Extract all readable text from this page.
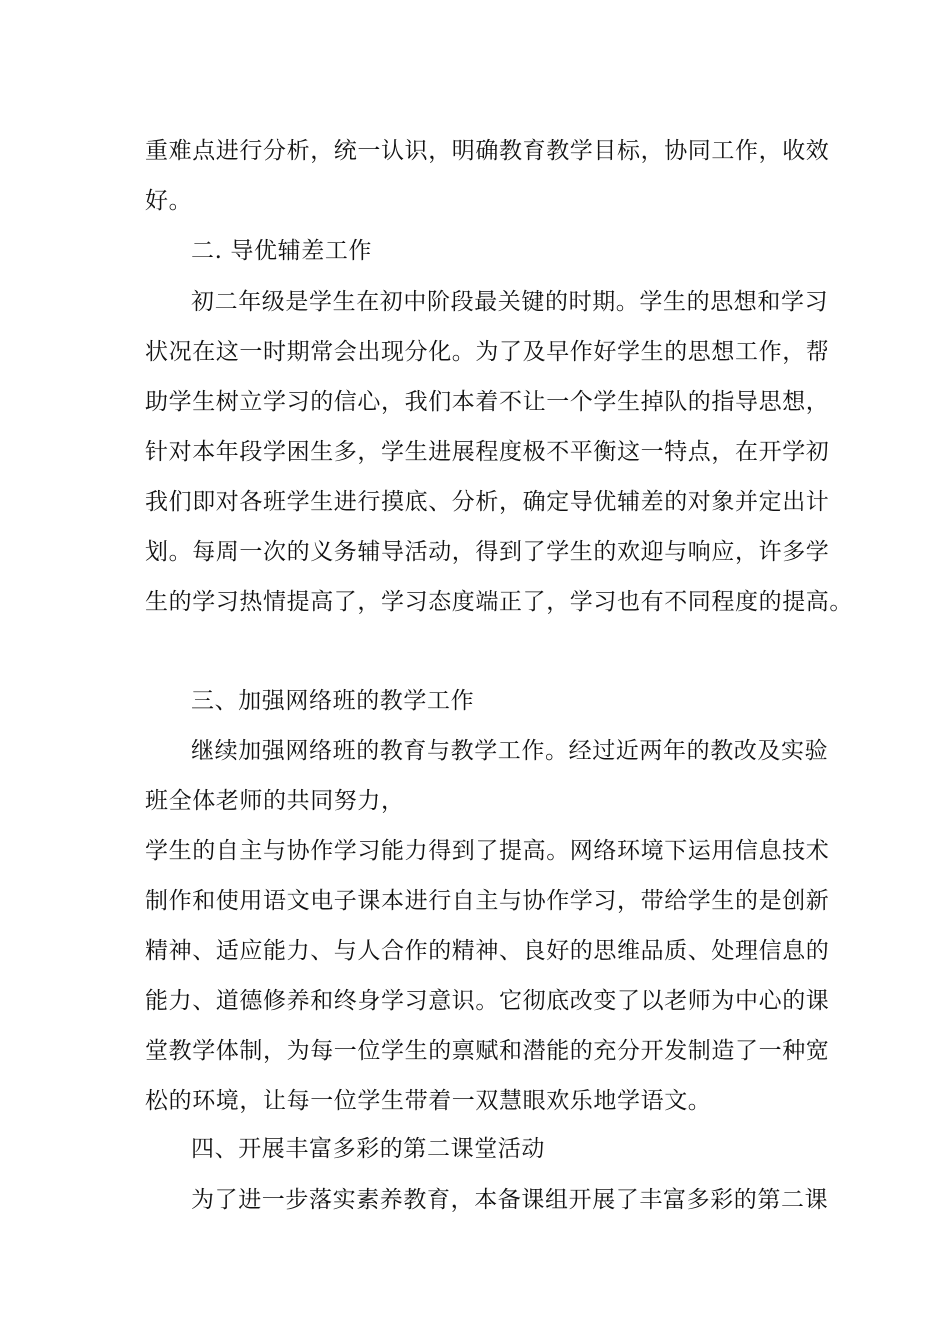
重难点进行分析，统一认识，明确教育教学目标，协同工作，收效
好。
二. 导优辅差工作
初二年级是学生在初中阶段最关键的时期。学生的思想和学习
状况在这一时期常会出现分化。为了及早作好学生的思想工作，帮
助学生树立学习的信心，我们本着不让一个学生掉队的指导思想，
针对本年段学困生多，学生进展程度极不平衡这一特点，在开学初
我们即对各班学生进行摸底、分析，确定导优辅差的对象并定出计
划。每周一次的义务辅导活动，得到了学生的欢迎与响应，许多学
生的学习热情提高了，学习态度端正了，学习也有不同程度的提高。
三、加强网络班的教学工作
继续加强网络班的教育与教学工作。经过近两年的教改及实验
班全体老师的共同努力，
学生的自主与协作学习能力得到了提高。网络环境下运用信息技术
制作和使用语文电子课本进行自主与协作学习，带给学生的是创新
精神、适应能力、与人合作的精神、良好的思维品质、处理信息的
能力、道德修养和终身学习意识。它彻底改变了以老师为中心的课
堂教学体制，为每一位学生的禀赋和潜能的充分开发制造了一种宽
松的环境，让每一位学生带着一双慧眼欢乐地学语文。
四、开展丰富多彩的第二课堂活动
为了进一步落实素养教育，本备课组开展了丰富多彩的第二课
